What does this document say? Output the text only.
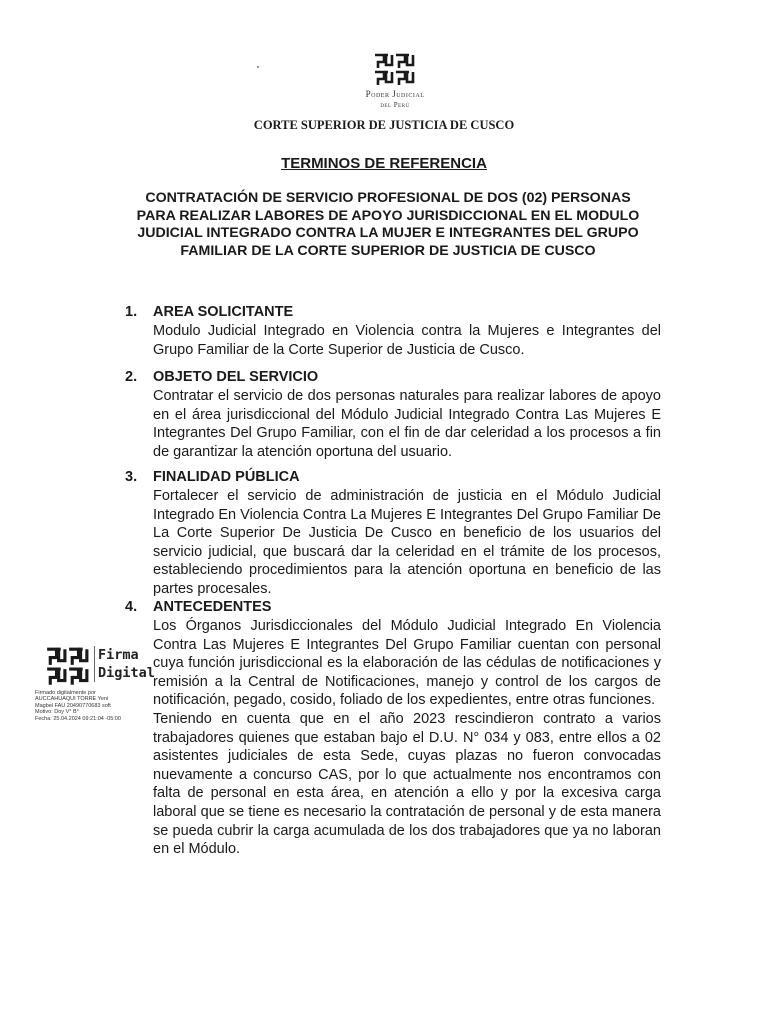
Poder Judicial
del Perú
CORTE SUPERIOR DE JUSTICIA DE CUSCO
TERMINOS DE REFERENCIA
CONTRATACIÓN DE SERVICIO PROFESIONAL DE DOS (02) PERSONAS PARA REALIZAR LABORES DE APOYO JURISDICCIONAL EN EL MODULO JUDICIAL INTEGRADO CONTRA LA MUJER E INTEGRANTES DEL GRUPO FAMILIAR DE LA CORTE SUPERIOR DE JUSTICIA DE CUSCO
1. AREA SOLICITANTE

Modulo Judicial Integrado en Violencia contra la Mujeres e Integrantes del Grupo Familiar de la Corte Superior de Justicia de Cusco.

2. OBJETO DEL SERVICIO

Contratar el servicio de dos personas naturales para realizar labores de apoyo en el área jurisdiccional del Módulo Judicial Integrado Contra Las Mujeres E Integrantes Del Grupo Familiar, con el fin de dar celeridad a los procesos a fin de garantizar la atención oportuna del usuario.

3. FINALIDAD PÚBLICA

Fortalecer el servicio de administración de justicia en el Módulo Judicial Integrado En Violencia Contra La Mujeres E Integrantes Del Grupo Familiar De La Corte Superior De Justicia De Cusco en beneficio de los usuarios del servicio judicial, que buscará dar la celeridad en el trámite de los procesos, estableciendo procedimientos para la atención oportuna en beneficio de las partes procesales.

4. ANTECEDENTES

Los Órganos Jurisdiccionales del Módulo Judicial Integrado En Violencia Contra Las Mujeres E Integrantes Del Grupo Familiar cuentan con personal cuya función jurisdiccional es la elaboración de las cédulas de notificaciones y remisión a la Central de Notificaciones, manejo y control de los cargos de notificación, pegado, cosido, foliado de los expedientes, entre otras funciones.

Teniendo en cuenta que en el año 2023 rescindieron contrato a varios trabajadores quienes que estaban bajo el D.U. N° 034 y 083, entre ellos a 02 asistentes judiciales de esta Sede, cuyas plazas no fueron convocadas nuevamente a concurso CAS, por lo que actualmente nos encontramos con falta de personal en esta área, en atención a ello y por la excesiva carga laboral que se tiene es necesario la contratación de personal y de esta manera se pueda cubrir la carga acumulada de los dos trabajadores que ya no laboran en el Módulo.

Firma
Digital
Firmado digitalmente por
AUCCAHUAQUI TORRE Yeni
Magbel FAU 20490770683 soft
Motivo: Doy V° B°
Fecha: 25.04.2024 09:21:04 -05:00
